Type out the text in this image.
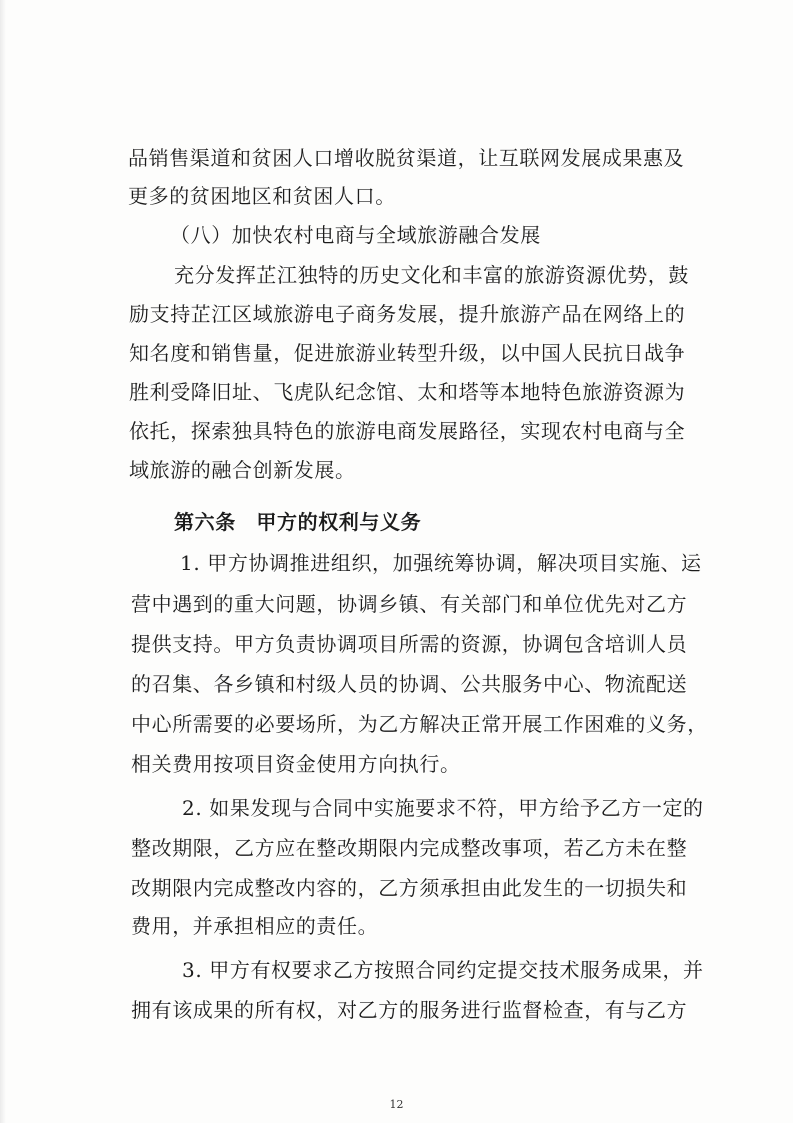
品销售渠道和贫困人口增收脱贫渠道，让互联网发展成果惠及

更多的贫困地区和贫困人口。

（八）加快农村电商与全域旅游融合发展

充分发挥芷江独特的历史文化和丰富的旅游资源优势，鼓

励支持芷江区域旅游电子商务发展，提升旅游产品在网络上的

知名度和销售量，促进旅游业转型升级，以中国人民抗日战争

胜利受降旧址、飞虎队纪念馆、太和塔等本地特色旅游资源为

依托，探索独具特色的旅游电商发展路径，实现农村电商与全

域旅游的融合创新发展。

第六条　甲方的权利与义务

1. 甲方协调推进组织，加强统筹协调，解决项目实施、运

营中遇到的重大问题，协调乡镇、有关部门和单位优先对乙方

提供支持。甲方负责协调项目所需的资源，协调包含培训人员

的召集、各乡镇和村级人员的协调、公共服务中心、物流配送

中心所需要的必要场所，为乙方解决正常开展工作困难的义务，

相关费用按项目资金使用方向执行。

2. 如果发现与合同中实施要求不符，甲方给予乙方一定的

整改期限，乙方应在整改期限内完成整改事项，若乙方未在整

改期限内完成整改内容的，乙方须承担由此发生的一切损失和

费用，并承担相应的责任。

3. 甲方有权要求乙方按照合同约定提交技术服务成果，并

拥有该成果的所有权，对乙方的服务进行监督检查，有与乙方

12
